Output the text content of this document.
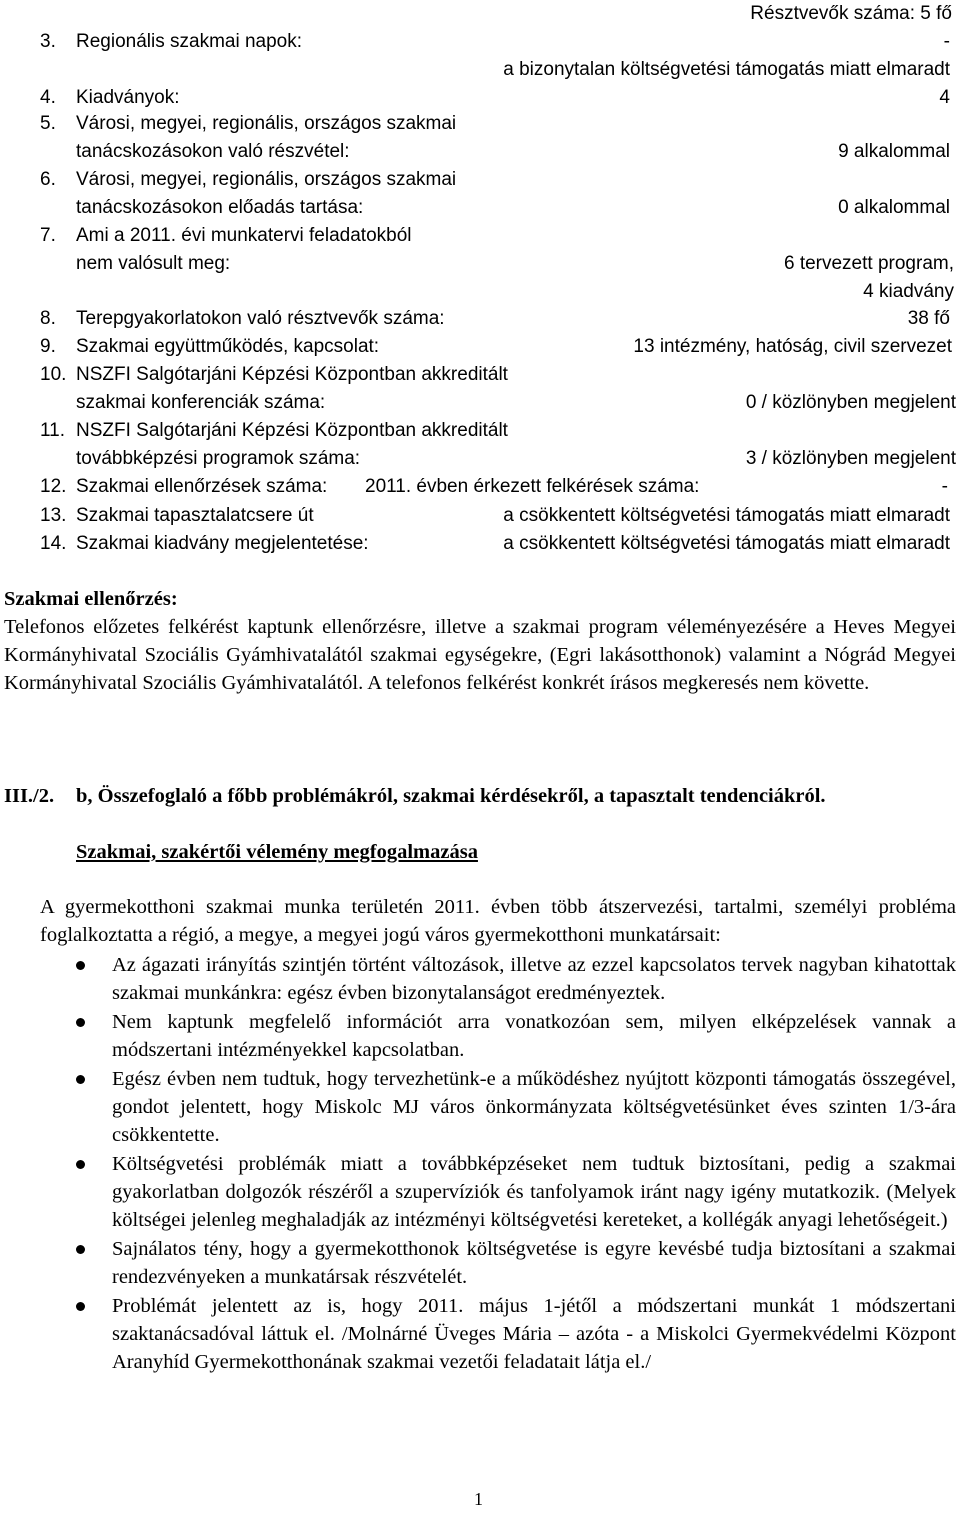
Résztvevők száma: 5 fő
3. Regionális szakmai napok:	-
a bizonytalan költségvetési támogatás miatt elmaradt
4. Kiadványok:	4
5. Városi, megyei, regionális, országos szakmai
tanácskozásokon való részvétel:	9 alkalommal
6. Városi, megyei, regionális, országos szakmai
tanácskozásokon előadás tartása:	0 alkalommal
7. Ami a 2011. évi munkatervi feladatokból
nem valósult meg:	6 tervezett program,
4 kiadvány
8. Terepgyakorlatokon való résztvevők száma:	38 fő
9. Szakmai együttműködés, kapcsolat:	13 intézmény, hatóság, civil szervezet
10. NSZFI Salgótarjáni Képzési Központban akkreditált
szakmai konferenciák száma:	0 / közlönyben megjelent
11. NSZFI Salgótarjáni Képzési Központban akkreditált
továbbképzési programok száma:	3 / közlönyben megjelent
12. Szakmai ellenőrzések száma: 2011. évben érkezett felkérések száma:	-
13. Szakmai tapasztalatcsere út	a csökkentett költségvetési támogatás miatt elmaradt
14. Szakmai kiadvány megjelentetése:	a csökkentett költségvetési támogatás miatt elmaradt
Szakmai ellenőrzés:
Telefonos előzetes felkérést kaptunk ellenőrzésre, illetve a szakmai program véleményezésére a Heves Megyei Kormányhivatal Szociális Gyámhivatalától szakmai egységekre, (Egri lakásotthonok) valamint a Nógrád Megyei Kormányhivatal Szociális Gyámhivatalától. A telefonos felkérést konkrét írásos megkeresés nem követte.
III./2. b, Összefoglaló a főbb problémákról, szakmai kérdésekről, a tapasztalt tendenciákról.
Szakmai, szakértői vélemény megfogalmazása
A gyermekotthoni szakmai munka területén 2011. évben több átszervezési, tartalmi, személyi probléma foglalkoztatta a régió, a megye, a megyei jogú város gyermekotthoni munkatársait:
Az ágazati irányítás szintjén történt változások, illetve az ezzel kapcsolatos tervek nagyban kihatottak szakmai munkánkra: egész évben bizonytalanságot eredményeztek.
Nem kaptunk megfelelő információt arra vonatkozóan sem, milyen elképzelések vannak a módszertani intézményekkel kapcsolatban.
Egész évben nem tudtuk, hogy tervezhetünk-e a működéshez nyújtott központi támogatás összegével, gondot jelentett, hogy Miskolc MJ város önkormányzata költségvetésünket éves szinten 1/3-ára csökkentette.
Költségvetési problémák miatt a továbbképzéseket nem tudtuk biztosítani, pedig a szakmai gyakorlatban dolgozók részéről a szupervíziók és tanfolyamok iránt nagy igény mutatkozik. (Melyek költségei jelenleg meghaladják az intézményi költségvetési kereteket, a kollégák anyagi lehetőségeit.)
Sajnálatos tény, hogy a gyermekotthonok költségvetése is egyre kevésbé tudja biztosítani a szakmai rendezvényeken a munkatársak részvételét.
Problémát jelentett az is, hogy 2011. május 1-jétől a módszertani munkát 1 módszertani szaktanácsadóval láttuk el. /Molnárné Üveges Mária – azóta - a Miskolci Gyermekvédelmi Központ Aranyhíd Gyermekotthonának szakmai vezetői feladatait látja el./
1
